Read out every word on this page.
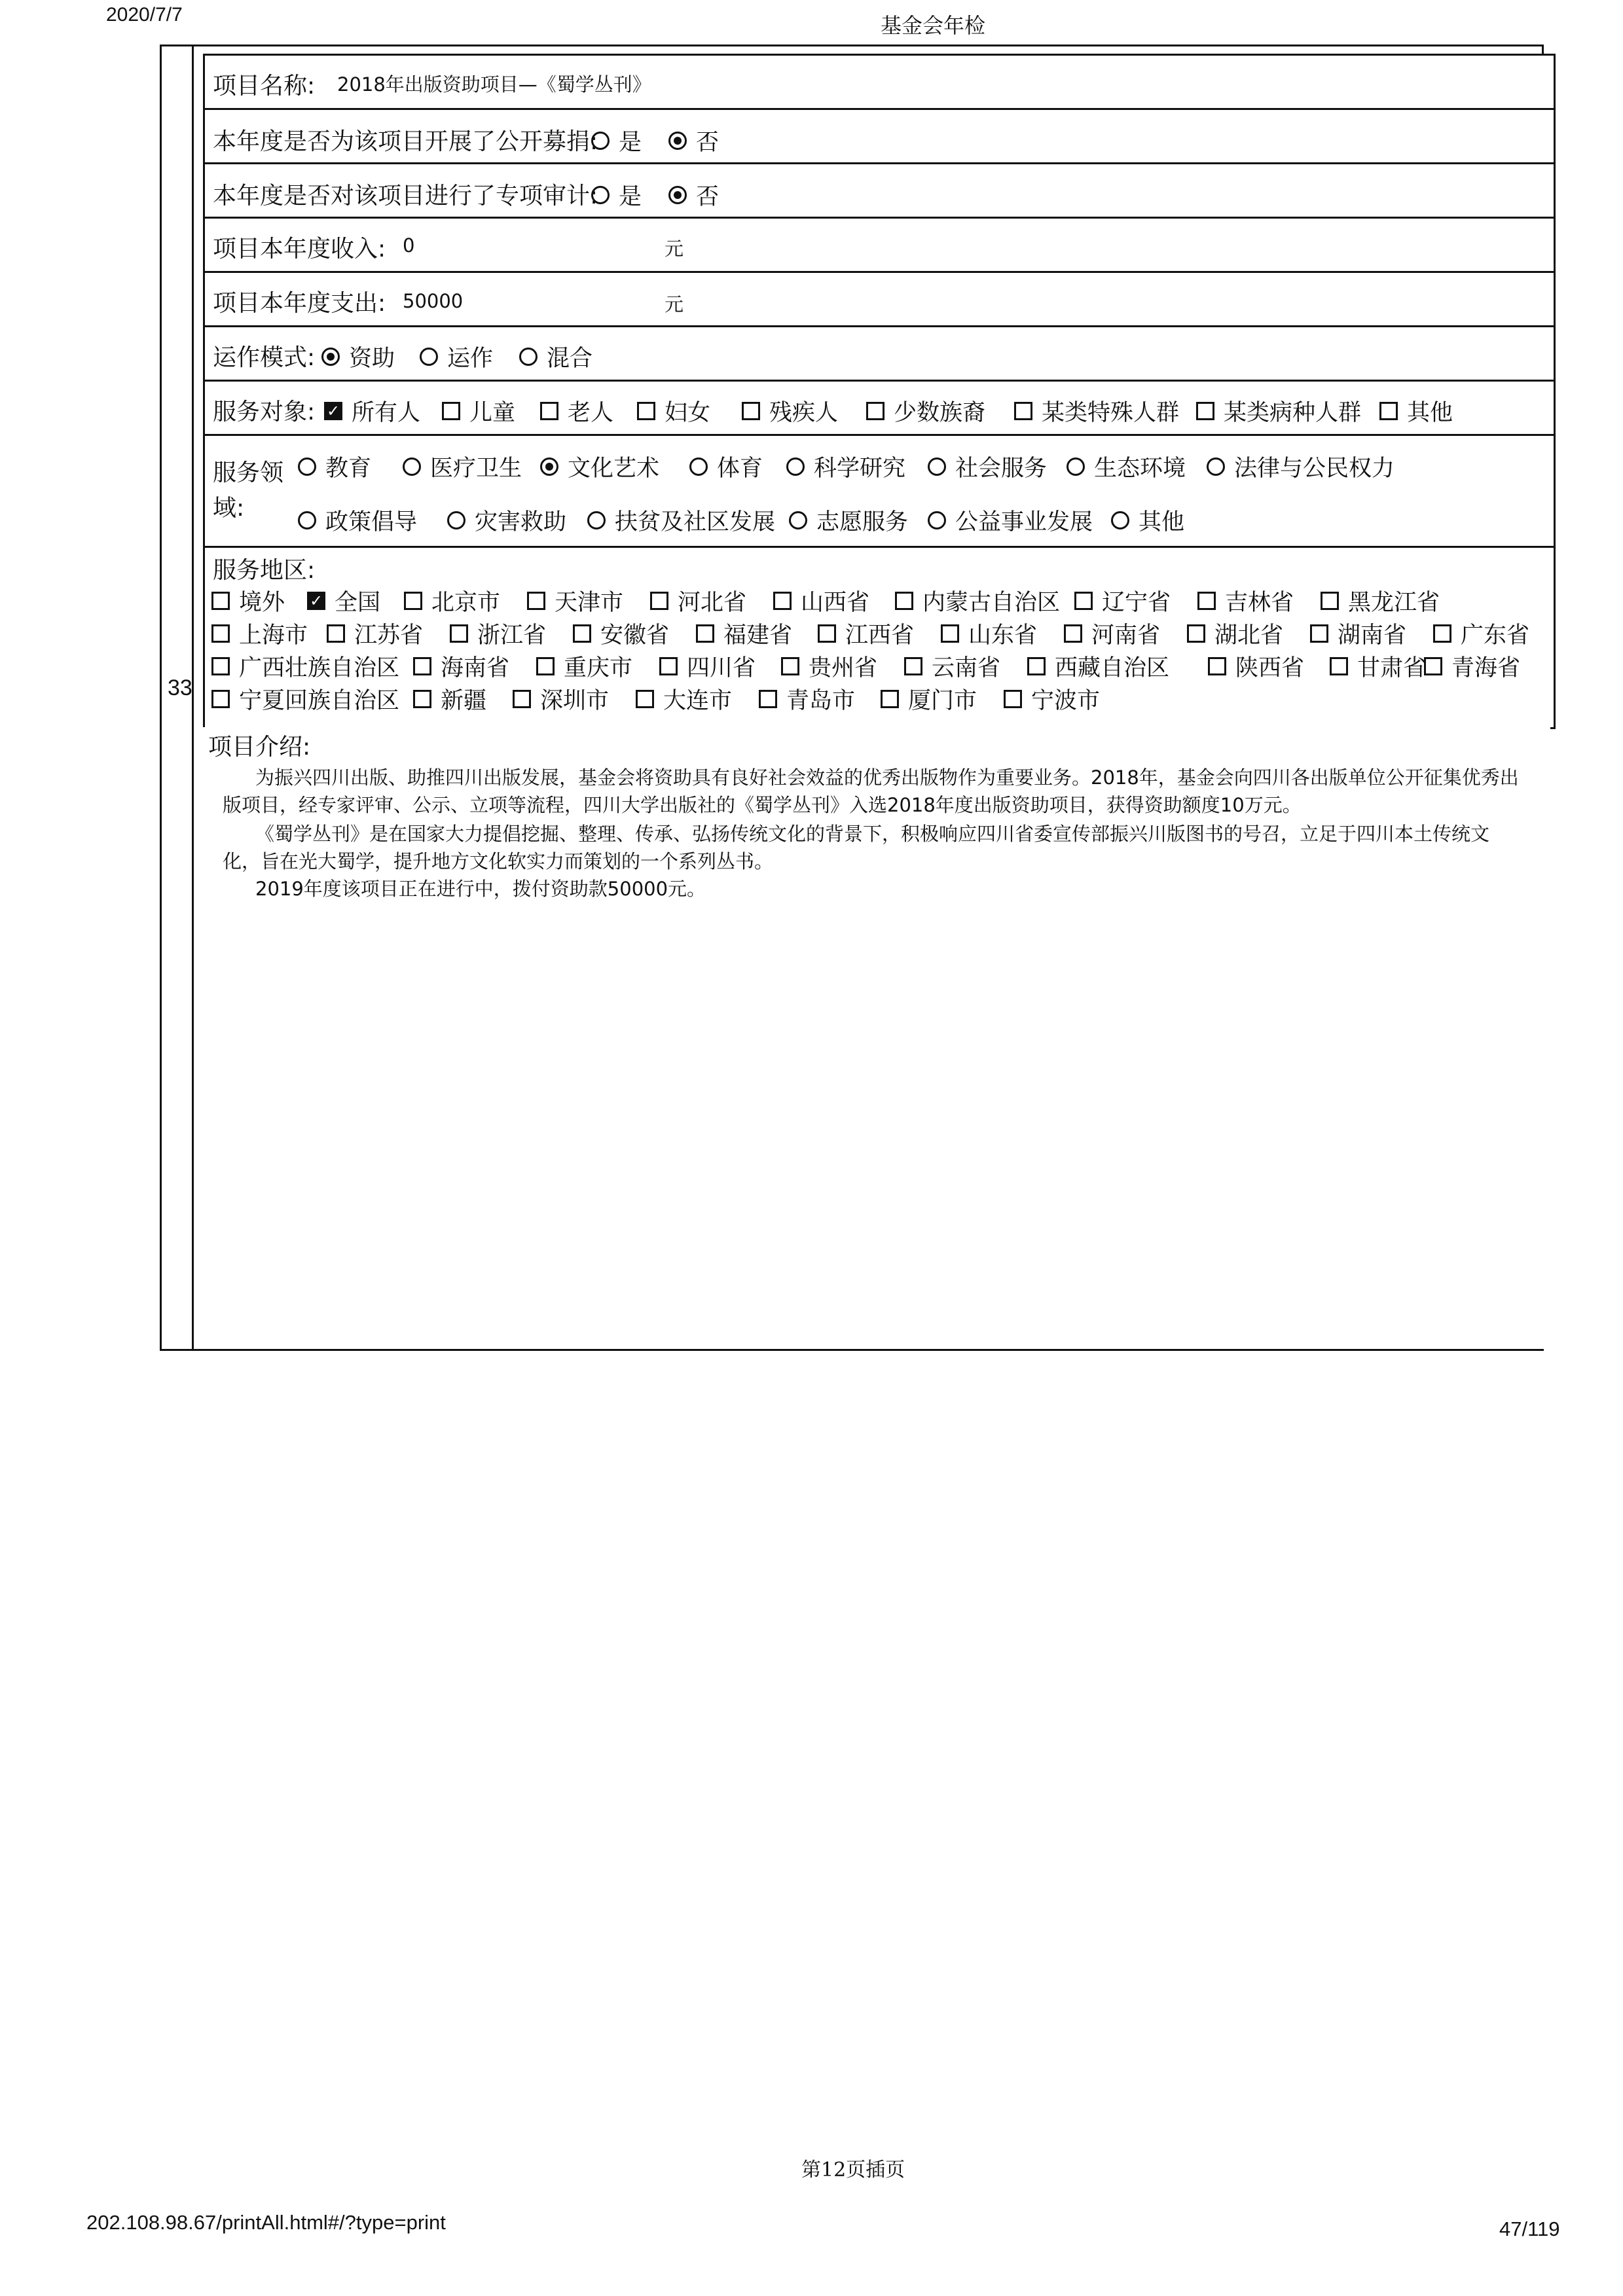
2020/7/7	基金会年检
33
项目名称: 2018年出版资助项目—《蜀学丛刊》
本年度是否为该项目开展了公开募捐: 是 否
本年度是否对该项目进行了专项审计: 是 否
项目本年度收入: 0	元
项目本年度支出: 50000	元
运作模式: 资助 运作 混合
服务对象: ✓ 所有人 儿童 老人 妇女	残疾人 少数族裔 某类特殊人群 某类病种人群 其他
服务领
域:
教育	医疗卫生 文化艺术	体育 科学研究 社会服务 生态环境 法律与公民权力
政策倡导	灾害救助 扶贫及社区发展 志愿服务 公益事业发展 其他
服务地区:
境外 ✓ 全国 北京市 天津市 河北省 山西省 内蒙古自治区 辽宁省 吉林省 黑龙江省
上海市 江苏省 浙江省 安徽省 福建省 江西省 山东省 河南省 湖北省 湖南省 广东省
广西壮族自治区 海南省 重庆市 四川省 贵州省 云南省 西藏自治区	陕西省 甘肃省 青海省
宁夏回族自治区 新疆 深圳市 大连市 青岛市 厦门市 宁波市
项目介绍:
为振兴四川出版、助推四川出版发展，基金会将资助具有良好社会效益的优秀出版物作为重要业务。2018年，基金会向四川各出版单位公开征集优秀出
版项目，经专家评审、公示、立项等流程，四川大学出版社的《蜀学丛刊》入选2018年度出版资助项目，获得资助额度10万元。
《蜀学丛刊》是在国家大力提倡挖掘、整理、传承、弘扬传统文化的背景下，积极响应四川省委宣传部振兴川版图书的号召，立足于四川本土传统文
化，旨在光大蜀学，提升地方文化软实力而策划的一个系列丛书。
2019年度该项目正在进行中，拨付资助款50000元。
第12页插页
202.108.98.67/printAll.html#/?type=print	47/119
